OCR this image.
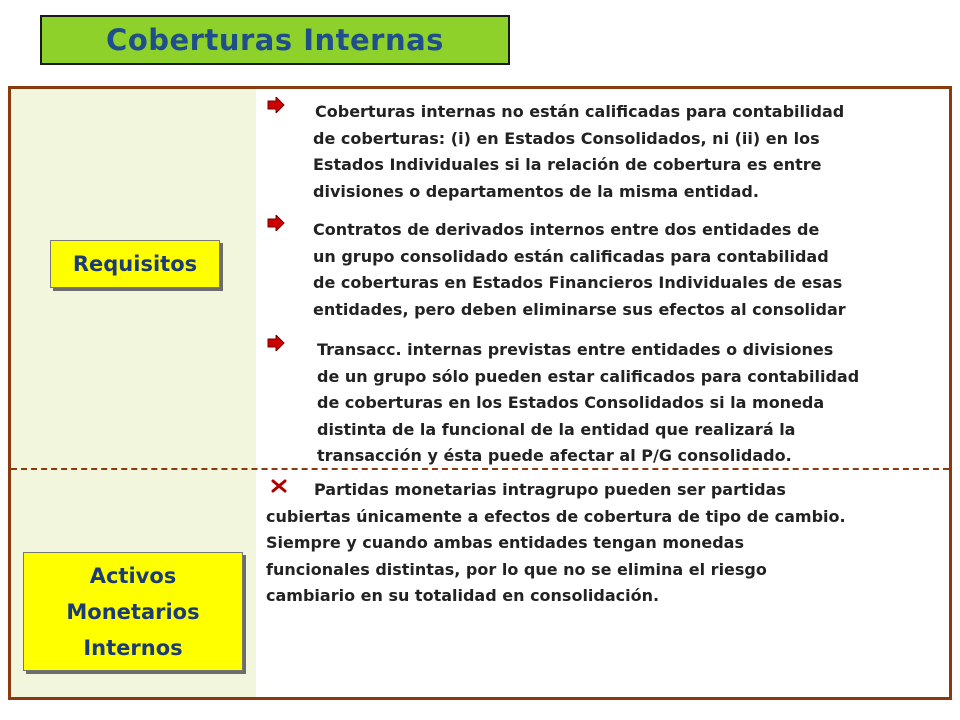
Coberturas Internas
Requisitos
Activos
Monetarios
Internos
Coberturas internas no están calificadas para contabilidad
de coberturas: (i) en Estados Consolidados, ni (ii) en los
Estados Individuales si la relación de cobertura es entre
divisiones o departamentos de la misma entidad.
Contratos de derivados internos entre dos entidades de
un grupo consolidado están calificadas para contabilidad
de coberturas en Estados Financieros Individuales de esas
entidades, pero deben eliminarse sus efectos al consolidar
Transacc. internas previstas entre entidades o divisiones
de un grupo sólo pueden estar calificados para contabilidad
de coberturas en los Estados Consolidados si la moneda
distinta de la funcional de la entidad que realizará la
transacción y ésta puede afectar al P/G consolidado.
Partidas monetarias intragrupo pueden ser partidas
cubiertas únicamente a efectos de cobertura de tipo de cambio.
Siempre y cuando ambas entidades tengan monedas
funcionales distintas, por lo que no se elimina el riesgo
cambiario en su totalidad en consolidación.
